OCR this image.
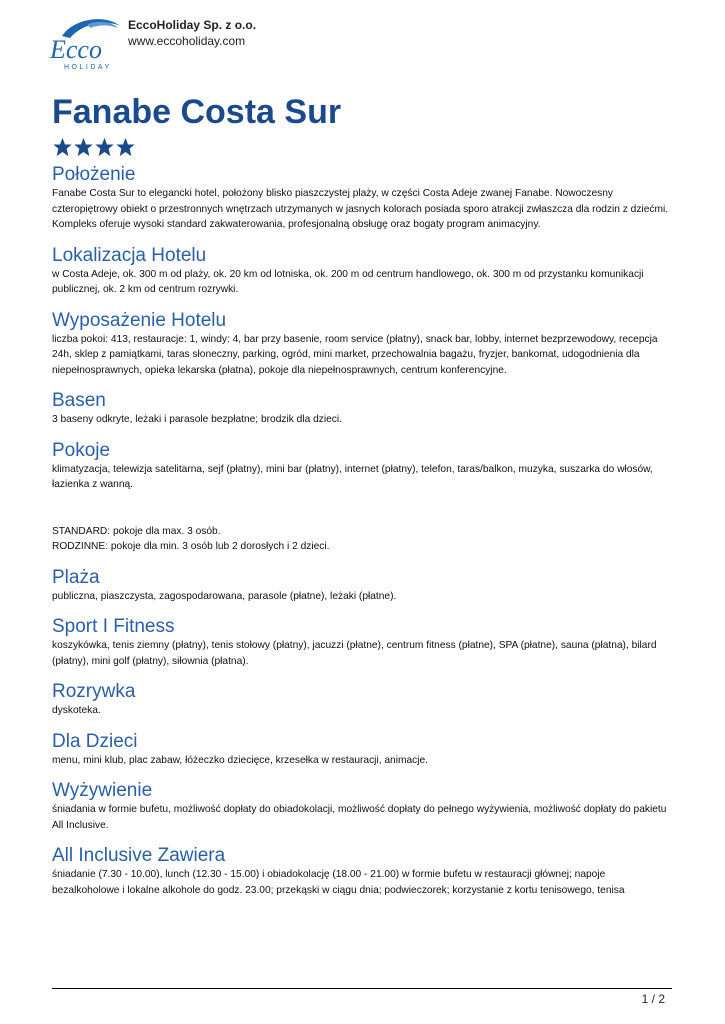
Ecco
HOLIDAY
EccoHoliday Sp. z o.o.
www.eccoholiday.com
Fanabe Costa Sur
Położenie

Fanabe Costa Sur to elegancki hotel, położony blisko piaszczystej plaży, w części Costa Adeje zwanej Fanabe. Nowoczesny czteropiętrowy obiekt o przestronnych wnętrzach utrzymanych w jasnych kolorach posiada sporo atrakcji zwłaszcza dla rodzin z dziećmi. Kompleks oferuje wysoki standard zakwaterowania, profesjonalną obsługę oraz bogaty program animacyjny.

Lokalizacja Hotelu

w Costa Adeje, ok. 300 m od plaży, ok. 20 km od lotniska, ok. 200 m od centrum handlowego, ok. 300 m od przystanku komunikacji publicznej, ok. 2 km od centrum rozrywki.

Wyposażenie Hotelu

liczba pokoi: 413, restauracje: 1, windy: 4, bar przy basenie, room service (płatny), snack bar, lobby, internet bezprzewodowy, recepcja 24h, sklep z pamiątkami, taras słoneczny, parking, ogród, mini market, przechowalnia bagażu, fryzjer, bankomat, udogodnienia dla niepełnosprawnych, opieka lekarska (płatna), pokoje dla niepełnosprawnych, centrum konferencyjne.

Basen

3 baseny odkryte, leżaki i parasole bezpłatne; brodzik dla dzieci.

Pokoje

klimatyzacja, telewizja satelitarna, sejf (płatny), mini bar (płatny), internet (płatny), telefon, taras/balkon, muzyka, suszarka do włosów, łazienka z wanną.

STANDARD: pokoje dla max. 3 osób.
RODZINNE: pokoje dla min. 3 osób lub 2 dorosłych i 2 dzieci.

Plaża

publiczna, piaszczysta, zagospodarowana, parasole (płatne), leżaki (płatne).

Sport I Fitness

koszykówka, tenis ziemny (płatny), tenis stołowy (płatny), jacuzzi (płatne), centrum fitness (płatne), SPA (płatne), sauna (płatna), bilard (płatny), mini golf (płatny), siłownia (płatna).

Rozrywka

dyskoteka.

Dla Dzieci

menu, mini klub, plac zabaw, łóżeczko dziecięce, krzesełka w restauracji, animacje.

Wyżywienie

śniadania w formie bufetu, możliwość dopłaty do obiadokolacji, możliwość dopłaty do pełnego wyżywienia, możliwość dopłaty do pakietu All Inclusive.

All Inclusive Zawiera

śniadanie (7.30 - 10.00), lunch (12.30 - 15.00) i obiadokolację (18.00 - 21.00) w formie bufetu w restauracji głównej; napoje bezalkoholowe i lokalne alkohole do godz. 23.00; przekąski w ciągu dnia; podwieczorek; korzystanie z kortu tenisowego, tenisa

1 / 2
